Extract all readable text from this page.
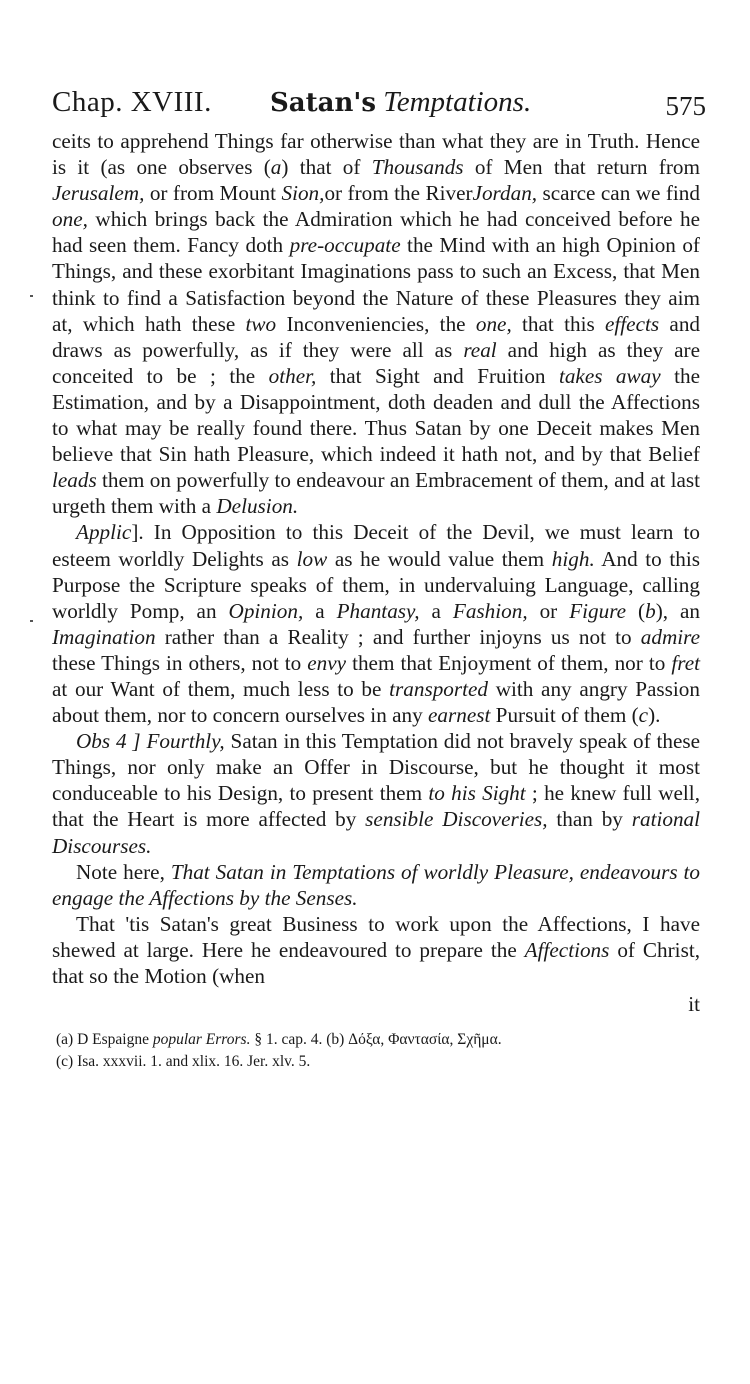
Chap. XVIII. Satan's Temptations.	575

ceits to apprehend Things far otherwise than what they are in Truth. Hence is it (as one observes (a) that of Thousands of Men that return from Jerusalem, or from Mount Sion,or from the RiverJordan, scarce can we find one, which brings back the Admiration which he had conceived before he had seen them. Fancy doth pre-occupate the Mind with an high Opinion of Things, and these exorbitant Imaginations pass to such an Excess, that Men think to find a Satisfaction beyond the Nature of these Pleasures they aim at, which hath these two Inconveniencies, the one, that this effects and draws as powerfully, as if they were all as real and high as they are conceited to be ; the other, that Sight and Fruition takes away the Estimation, and by a Disappointment, doth deaden and dull the Affections to what may be really found there. Thus Satan by one Deceit makes Men believe that Sin hath Pleasure, which indeed it hath not, and by that Belief leads them on powerfully to endeavour an Embracement of them, and at last urgeth them with a Delusion.

Applic]. In Opposition to this Deceit of the Devil, we must learn to esteem worldly Delights as low as he would value them high. And to this Purpose the Scripture speaks of them, in undervaluing Language, calling worldly Pomp, an Opinion, a Phantasy, a Fashion, or Figure (b), an Imagination rather than a Reality ; and further injoyns us not to admire these Things in others, not to envy them that Enjoyment of them, nor to fret at our Want of them, much less to be transported with any angry Passion about them, nor to concern ourselves in any earnest Pursuit of them (c).

Obs 4 ] Fourthly, Satan in this Temptation did not bravely speak of these Things, nor only make an Offer in Discourse, but he thought it most conduceable to his Design, to present them to his Sight ; he knew full well, that the Heart is more affected by sensible Discoveries, than by rational Discourses.

Note here, That Satan in Temptations of worldly Pleasure, endeavours to engage the Affections by the Senses.

That 'tis Satan's great Business to work upon the Affections, I have shewed at large. Here he endeavoured to prepare the Affections of Christ, that so the Motion (when

it

(a) D Espaigne popular Errors. § 1. cap. 4. (b) Δόξα, Φαντασία, Σχῆμα.

(c) Isa. xxxvii. 1. and xlix. 16. Jer. xlv. 5.
